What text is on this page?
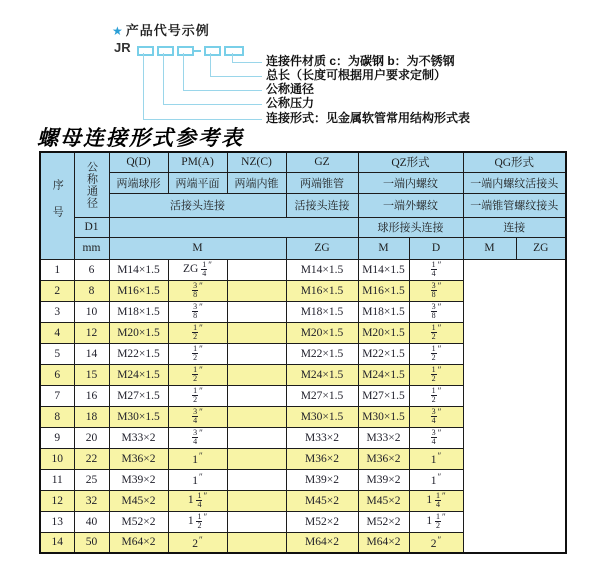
★ 产品代号示例
JR
连接件材质 c：为碳钢 b：为不锈钢
总长（长度可根据用户要求定制）
公称通径
公称压力
连接形式：见金属软管常用结构形式表
螺母连接形式参考表
序号	公称通径	Q(D)	PM(A)	NZ(C)	GZ	QZ形式		QG形式	
		两端球形	两端平面	两端内锥	两端锥管	一端内螺纹		一端内螺纹活接头	
		活接头连接			活接头连接	一端外螺纹		一端锥管螺纹接头	
	D1					球形接头连接		连接	
	mm	M			ZG	M	D	M	ZG
1	6	M14×1.5	ZG $\frac{1}{4} ''$		M14×1.5	M14×1.5	$\frac{1}{4} ''$
2	8	M16×1.5	$\frac{3}{8} ''$		M16×1.5	M16×1.5	$\frac{3}{8} ''$
3	10	M18×1.5	$\frac{3}{8} ''$		M18×1.5	M18×1.5	$\frac{3}{8} ''$
4	12	M20×1.5	$\frac{1}{2} ''$		M20×1.5	M20×1.5	$\frac{1}{2} ''$
5	14	M22×1.5	$\frac{1}{2} ''$		M22×1.5	M22×1.5	$\frac{1}{2} ''$
6	15	M24×1.5	$\frac{1}{2} ''$		M24×1.5	M24×1.5	$\frac{1}{2} ''$
7	16	M27×1.5	$\frac{1}{2} ''$		M27×1.5	M27×1.5	$\frac{1}{2} ''$
8	18	M30×1.5	$\frac{3}{4} ''$		M30×1.5	M30×1.5	$\frac{3}{4} ''$
9	20	M33×2	$\frac{3}{4} ''$		M33×2	M33×2	$\frac{3}{4} ''$
10	22	M36×2	1″		M36×2	M36×2	1″
11	25	M39×2	1″		M39×2	M39×2	1″
12	32	M45×2	$1 \frac{1}{4} ''$		M45×2	M45×2	$1 \frac{1}{4} ''$
13	40	M52×2	$1 \frac{1}{2} ''$		M52×2	M52×2	$1 \frac{1}{2} ''$
14	50	M64×2	2″		M64×2	M64×2	2″
